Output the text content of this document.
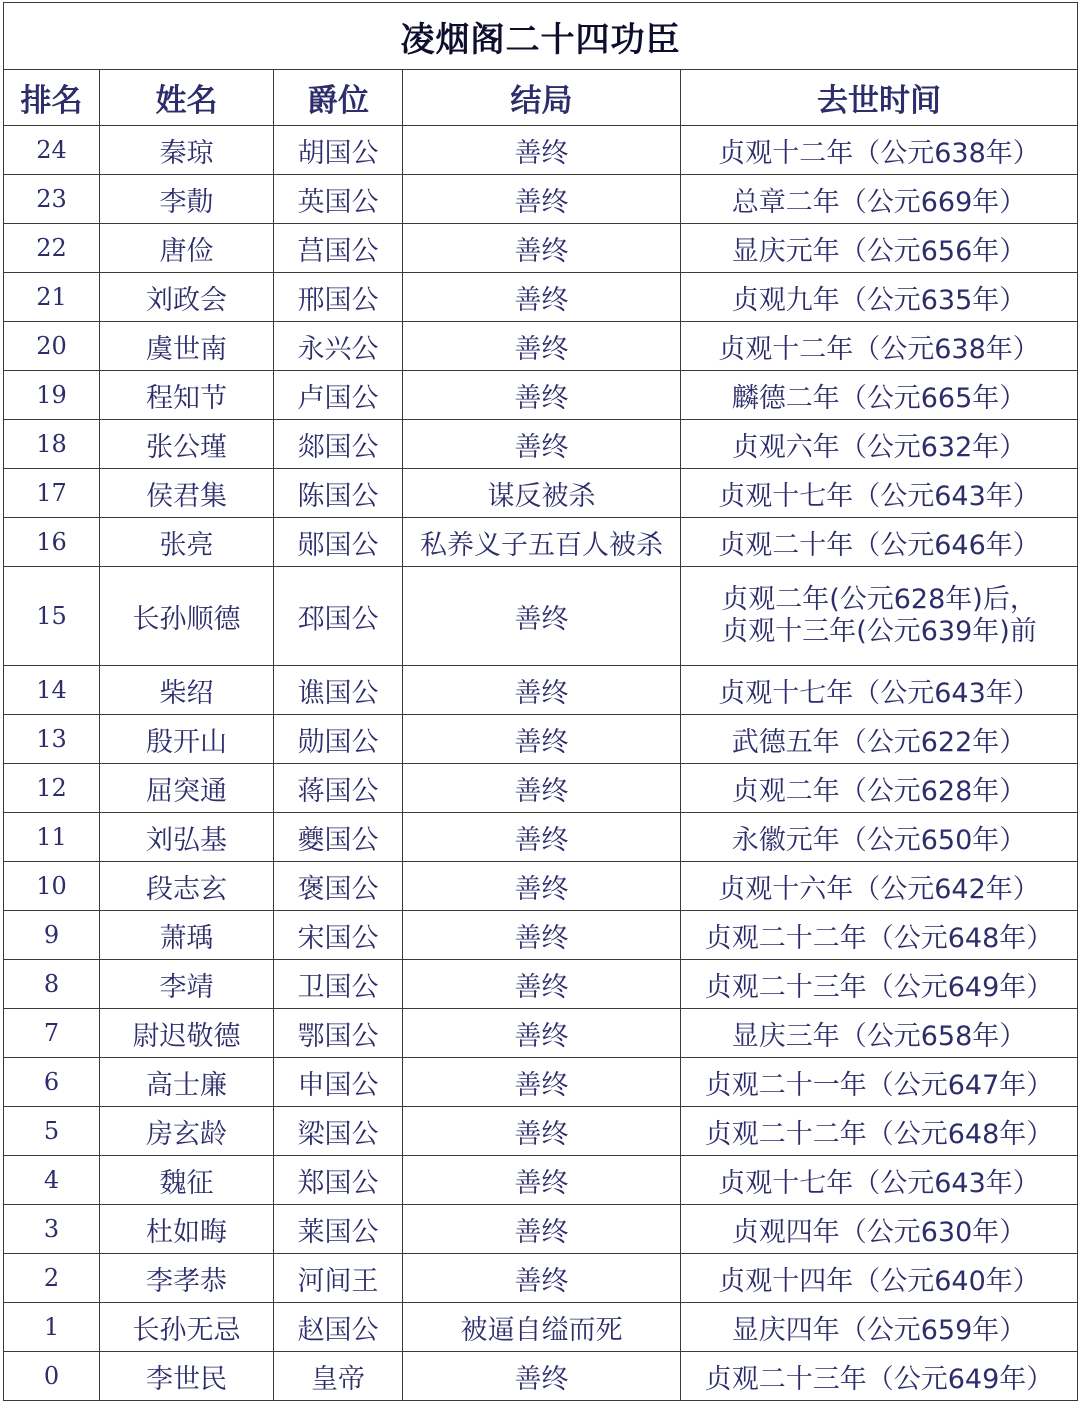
凌烟阁二十四功臣				
排名	姓名	爵位	结局	去世时间
24	秦琼	胡国公	善终	贞观十二年（公元638年）
23	李勣	英国公	善终	总章二年（公元669年）
22	唐俭	莒国公	善终	显庆元年（公元656年）
21	刘政会	邢国公	善终	贞观九年（公元635年）
20	虞世南	永兴公	善终	贞观十二年（公元638年）
19	程知节	卢国公	善终	麟德二年（公元665年）
18	张公瑾	郯国公	善终	贞观六年（公元632年）
17	侯君集	陈国公	谋反被杀	贞观十七年（公元643年）
16	张亮	郧国公	私养义子五百人被杀	贞观二十年（公元646年）
15	长孙顺德	邳国公	善终	贞观二年(公元628年)后，
贞观十三年(公元639年)前

14	柴绍	谯国公	善终	贞观十七年（公元643年）
13	殷开山	勋国公	善终	武德五年（公元622年）
12	屈突通	蒋国公	善终	贞观二年（公元628年）
11	刘弘基	夔国公	善终	永徽元年（公元650年）
10	段志玄	褒国公	善终	贞观十六年（公元642年）
9	萧瑀	宋国公	善终	贞观二十二年（公元648年）
8	李靖	卫国公	善终	贞观二十三年（公元649年）
7	尉迟敬德	鄂国公	善终	显庆三年（公元658年）
6	高士廉	申国公	善终	贞观二十一年（公元647年）
5	房玄龄	梁国公	善终	贞观二十二年（公元648年）
4	魏征	郑国公	善终	贞观十七年（公元643年）
3	杜如晦	莱国公	善终	贞观四年（公元630年）
2	李孝恭	河间王	善终	贞观十四年（公元640年）
1	长孙无忌	赵国公	被逼自缢而死	显庆四年（公元659年）
0	李世民	皇帝	善终	贞观二十三年（公元649年）
